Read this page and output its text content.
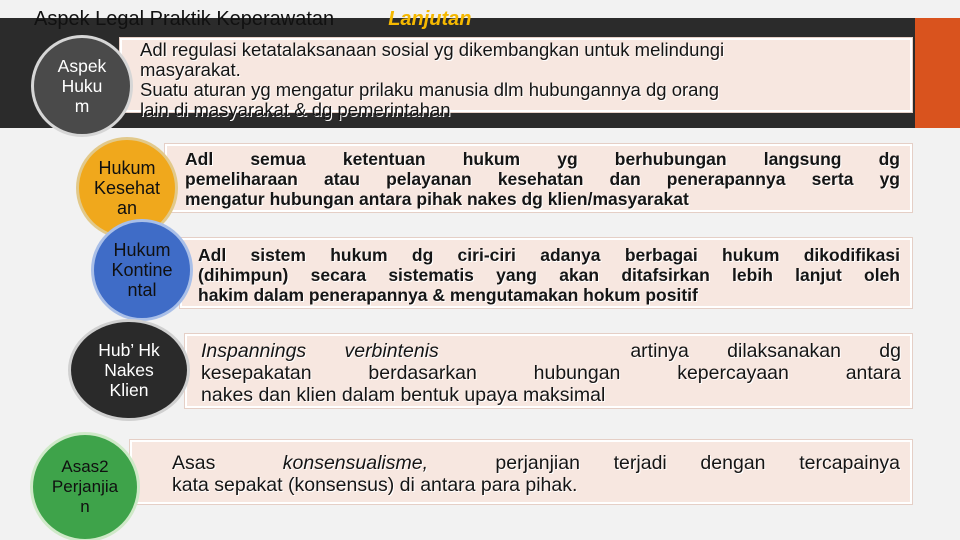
Aspek Legal Praktik Keperawatan	Lanjutan
Adl regulasi ketatalaksanaan sosial yg dikembangkan untuk melindungi
masyarakat.
Suatu aturan yg mengatur prilaku manusia dlm hubungannya dg orang
lain di masyarakat & dg pemerintahan
Adl semua ketentuan hukum yg berhubungan langsung dg
pemeliharaan atau pelayanan kesehatan dan penerapannya serta yg
mengatur hubungan antara pihak nakes dg klien/masyarakat
Adl sistem hukum dg ciri-ciri adanya berbagai hukum dikodifikasi
(dihimpun) secara sistematis yang akan ditafsirkan lebih lanjut oleh
hakim dalam penerapannya & mengutamakan hokum positif
Inspannings verbintenis	artinya dilaksanakan dg
kesepakatan berdasarkan hubungan kepercayaan antara
nakes dan klien dalam bentuk upaya maksimal
Asas	konsensualisme,	perjanjian terjadi dengan tercapainya
kata sepakat (konsensus) di antara para pihak.
Aspek
Huku
m
Hukum
Kesehat
an
Hukum
Kontine
ntal
Hub’ Hk
Nakes
Klien
Asas2
Perjanjia
n
